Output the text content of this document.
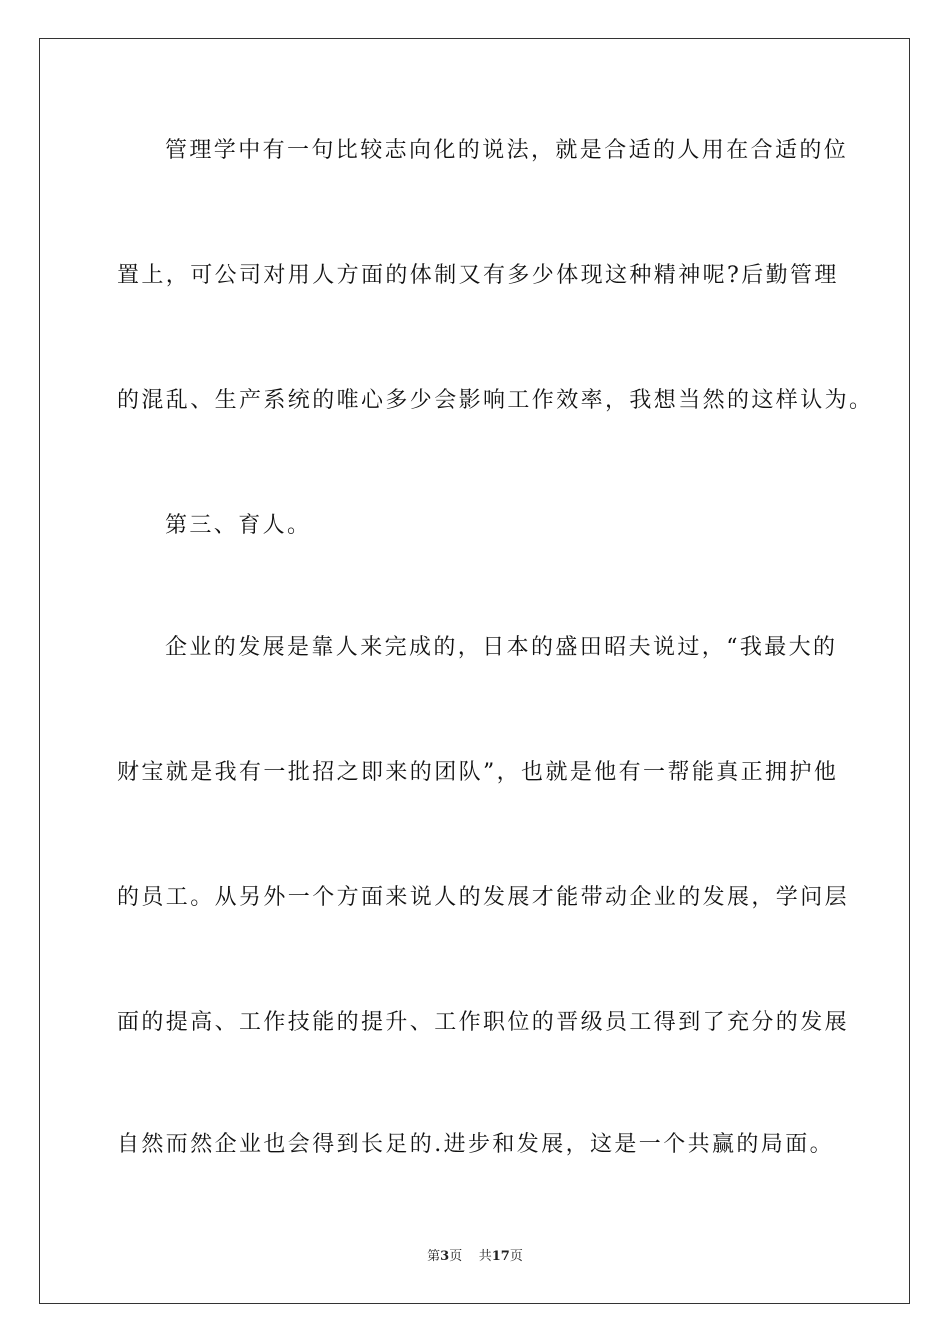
管理学中有一句比较志向化的说法，就是合适的人用在合适的位
置上，可公司对用人方面的体制又有多少体现这种精神呢?后勤管理
的混乱、生产系统的唯心多少会影响工作效率，我想当然的这样认为。
第三、育人。
企业的发展是靠人来完成的，日本的盛田昭夫说过，“我最大的
财宝就是我有一批招之即来的团队”，也就是他有一帮能真正拥护他
的员工。从另外一个方面来说人的发展才能带动企业的发展，学问层
面的提高、工作技能的提升、工作职位的晋级员工得到了充分的发展
自然而然企业也会得到长足的.进步和发展，这是一个共赢的局面。
第3页 共17页
